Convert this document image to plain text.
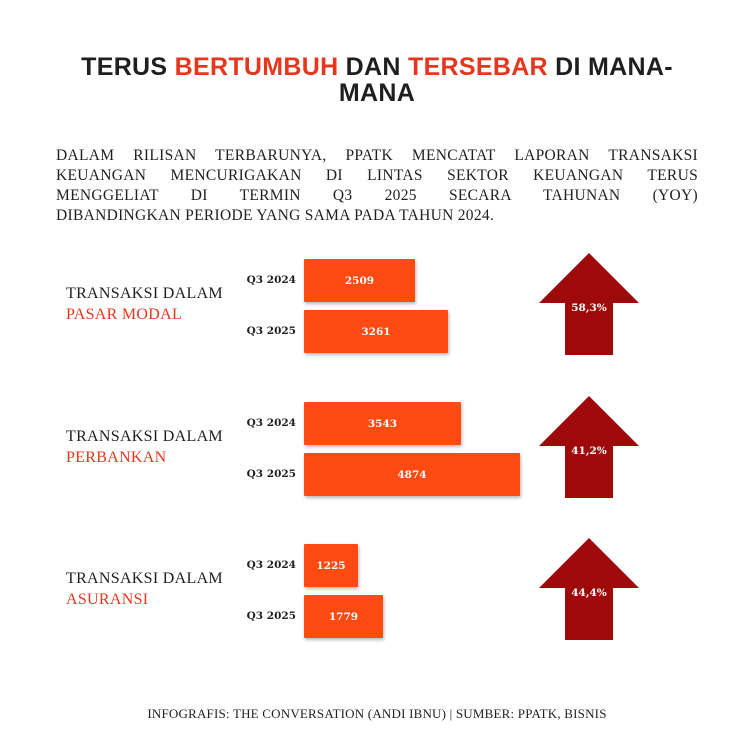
TERUS BERTUMBUH DAN TERSEBAR DI MANA-
MANA
DALAM RILISAN TERBARUNYA, PPATK MENCATAT LAPORAN TRANSAKSI
KEUANGAN MENCURIGAKAN DI LINTAS SEKTOR KEUANGAN TERUS
MENGGELIAT DI TERMIN Q3 2025 SECARA TAHUNAN (YOY)
DIBANDINGKAN PERIODE YANG SAMA PADA TAHUN 2024.
TRANSAKSI DALAM
PASAR MODAL
Q3 2024	2509
Q3 2025	3261
58,3%
TRANSAKSI DALAM
PERBANKAN
Q3 2024	3543
Q3 2025	4874
41,2%
TRANSAKSI DALAM
ASURANSI
Q3 2024 1225
Q3 2025	1779
44,4%
INFOGRAFIS: THE CONVERSATION (ANDI IBNU) | SUMBER: PPATK, BISNIS
